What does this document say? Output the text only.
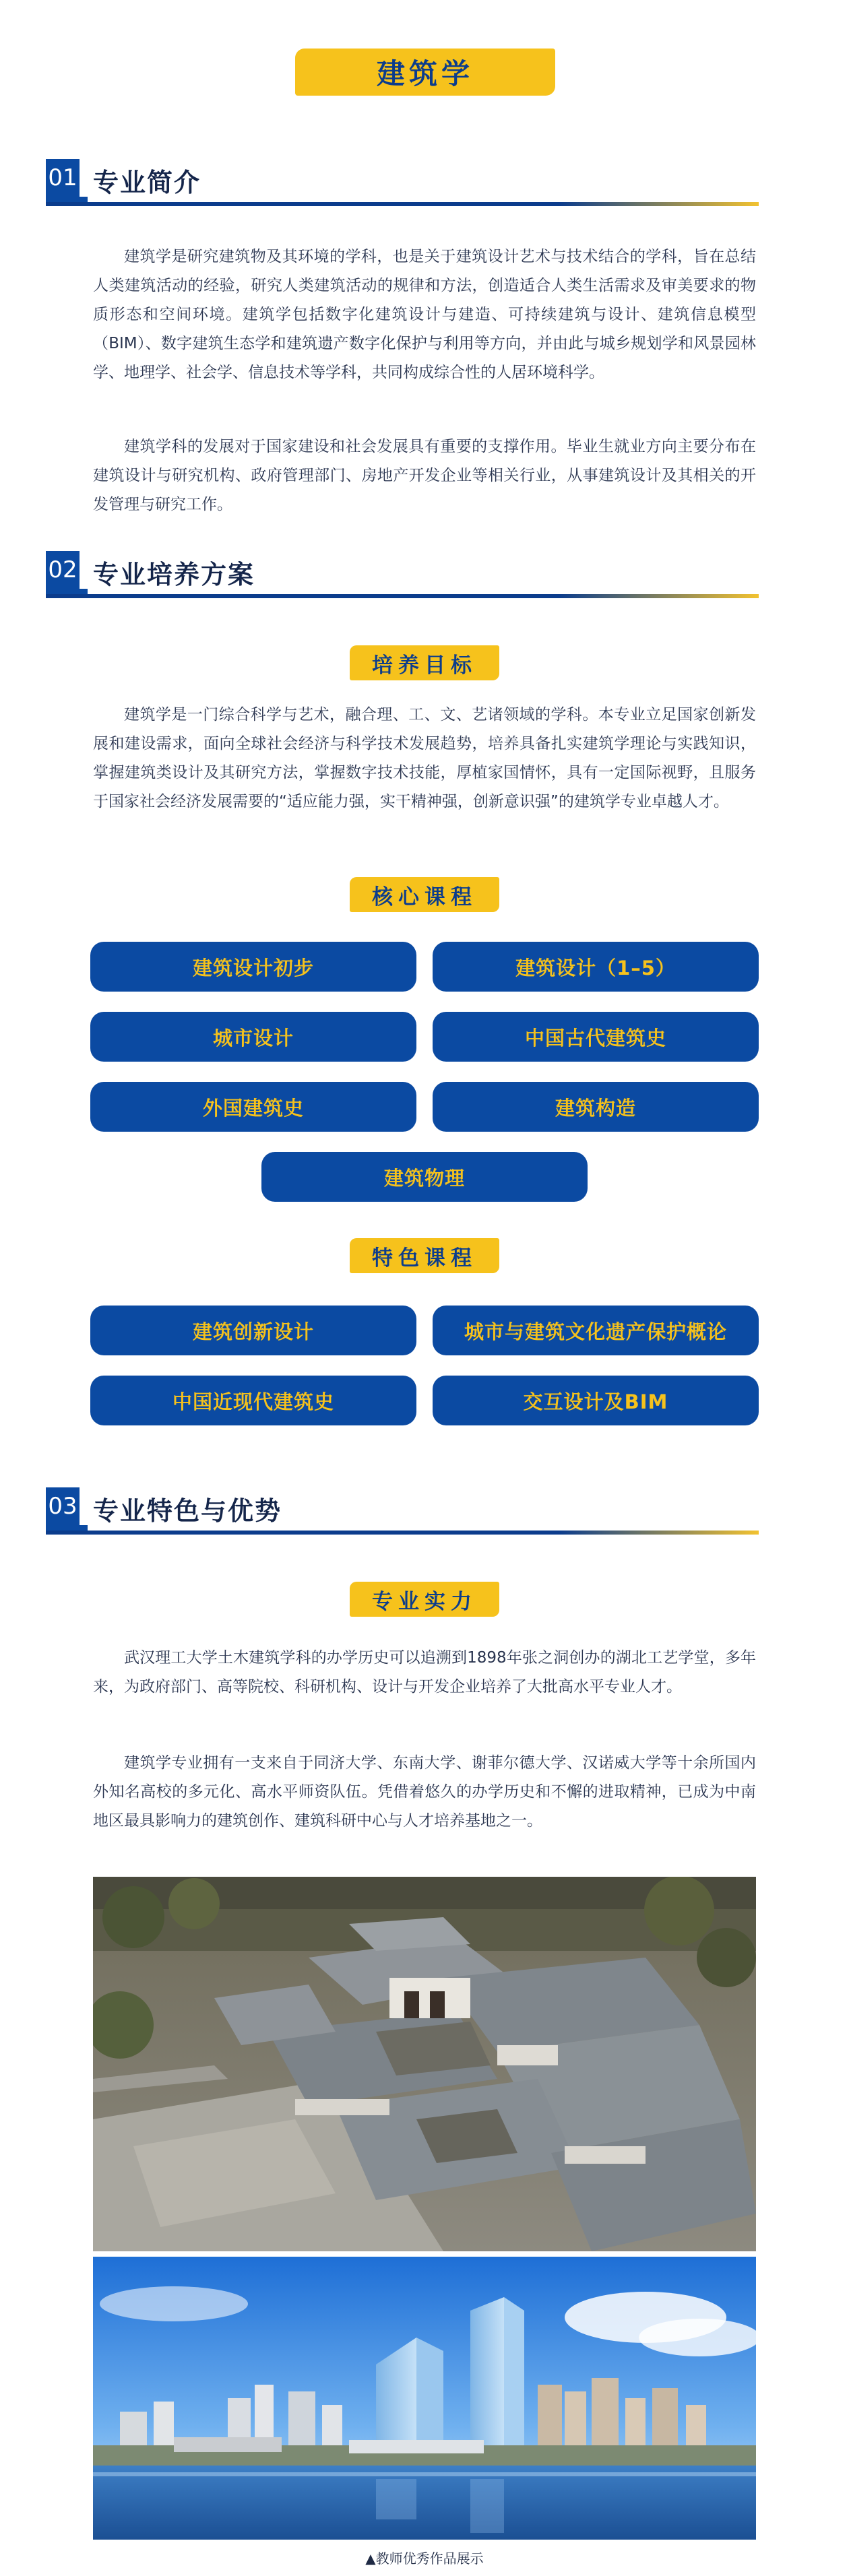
建筑学
01 专业简介

建筑学是研究建筑物及其环境的学科，也是关于建筑设计艺术与技术结合的学科，旨在总结人类建筑活动的经验，研究人类建筑活动的规律和方法，创造适合人类生活需求及审美要求的物质形态和空间环境。建筑学包括数字化建筑设计与建造、可持续建筑与设计、建筑信息模型（BIM）、数字建筑生态学和建筑遗产数字化保护与利用等方向，并由此与城乡规划学和风景园林学、地理学、社会学、信息技术等学科，共同构成综合性的人居环境科学。

建筑学科的发展对于国家建设和社会发展具有重要的支撑作用。毕业生就业方向主要分布在建筑设计与研究机构、政府管理部门、房地产开发企业等相关行业，从事建筑设计及其相关的开发管理与研究工作。

02 专业培养方案
培养目标

建筑学是一门综合科学与艺术，融合理、工、文、艺诸领域的学科。本专业立足国家创新发展和建设需求，面向全球社会经济与科学技术发展趋势，培养具备扎实建筑学理论与实践知识，掌握建筑类设计及其研究方法，掌握数字技术技能，厚植家国情怀，具有一定国际视野，且服务于国家社会经济发展需要的“适应能力强，实干精神强，创新意识强”的建筑学专业卓越人才。

核心课程
建筑设计初步	建筑设计（1–5）
城市设计	中国古代建筑史
外国建筑史	建筑构造
建筑物理
特色课程
建筑创新设计	城市与建筑文化遗产保护概论
中国近现代建筑史	交互设计及BIM
03 专业特色与优势
专业实力

武汉理工大学土木建筑学科的办学历史可以追溯到1898年张之洞创办的湖北工艺学堂，多年来，为政府部门、高等院校、科研机构、设计与开发企业培养了大批高水平专业人才。

建筑学专业拥有一支来自于同济大学、东南大学、谢菲尔德大学、汉诺威大学等十余所国内外知名高校的多元化、高水平师资队伍。凭借着悠久的办学历史和不懈的进取精神，已成为中南地区最具影响力的建筑创作、建筑科研中心与人才培养基地之一。

▲教师优秀作品展示
